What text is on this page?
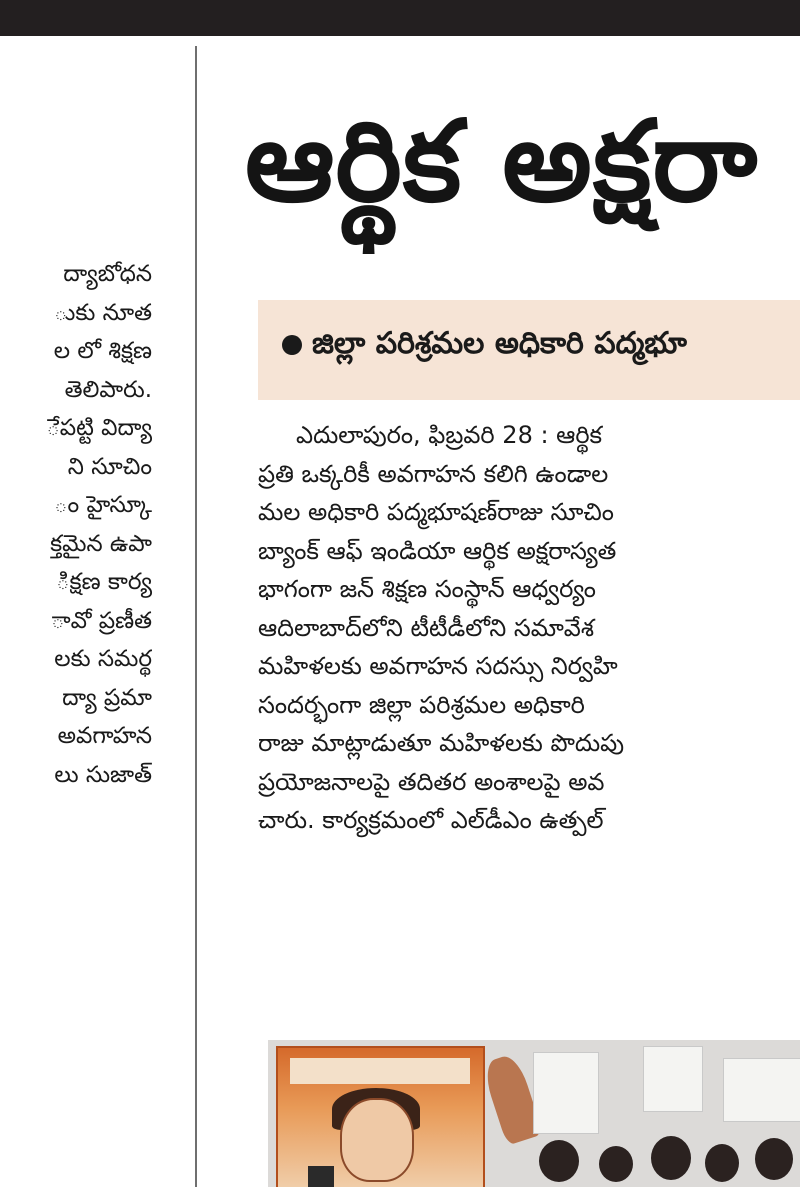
ద్యాబోధన
ుకు నూత
ల లో శిక్షణ
తెలిపారు.
ేపట్టి విద్యా
ని సూచిం
ం హైస్కూ
క్తమైన ఉపా
ిక్షణ కార్య
ావో ప్రణీత
లకు సమర్థ
ద్యా ప్రమా
అవగాహన
లు సుజాత్
ఆర్థిక అక్షరా
జిల్లా పరిశ్రమల అధికారి పద్మభూ
ఎదులాపురం, ఫిబ్రవరి 28 : ఆర్థిక
ప్రతి ఒక్కరికీ అవగాహన కలిగి ఉండాల
మల అధికారి పద్మభూషణ్‌రాజు సూచిం
బ్యాంక్ ఆఫ్ ఇండియా ఆర్థిక అక్షరాస్యత
భాగంగా జన్ శిక్షణ సంస్థాన్ ఆధ్వర్యం
ఆదిలాబాద్‌లోని టీటీడీలోని సమావేశ
మహిళలకు అవగాహన సదస్సు నిర్వహి
సందర్భంగా జిల్లా పరిశ్రమల అధికారి
రాజు మాట్లాడుతూ మహిళలకు పొదుపు
ప్రయోజనాలపై తదితర అంశాలపై అవ
చారు. కార్యక్రమంలో ఎల్‌డీఎం ఉత్పల్
